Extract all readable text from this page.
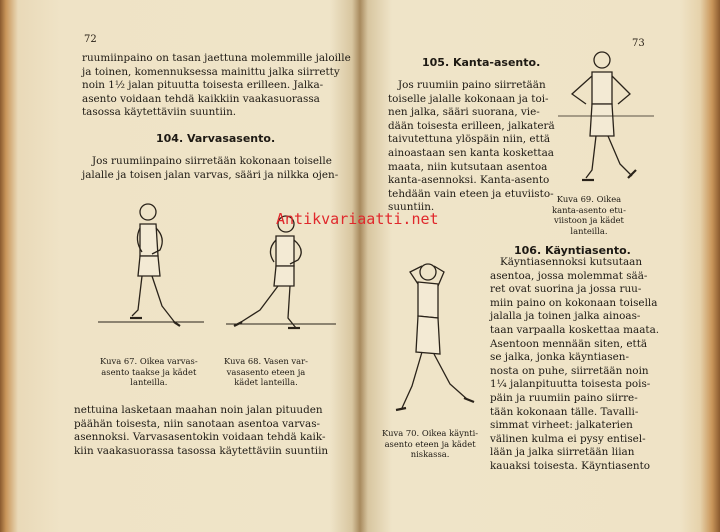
72

ruumiinpaino on tasan jaettuna molemmille jaloille

ja toinen, komennuksessa mainittu jalka siirretty

noin 1½ jalan pituutta toisesta erilleen. Jalka-

asento voidaan tehdä kaikkiin vaakasuorassa

tasossa käytettäviin suuntiin.

104. Varvasasento.

Jos ruumiinpaino siirretään kokonaan toiselle

jalalle ja toisen jalan varvas, sääri ja nilkka ojen-

Kuva 67. Oikea varvas-
asento taakse ja kädet
lanteilla.
Kuva 68. Vasen var-
vasasento eteen ja
kädet lanteilla.

nettuina lasketaan maahan noin jalan pituuden

päähän toisesta, niin sanotaan asentoa varvas-

asennoksi. Varvasasentokin voidaan tehdä kaik-

kiin vaakasuorassa tasossa käytettäviin suuntiin

73
105. Kanta-asento.

Jos ruumiin paino siirretään

toiselle jalalle kokonaan ja toi-

nen jalka, sääri suorana, vie-

dään toisesta erilleen, jalkaterä

taivutettuna ylöspäin niin, että

ainoastaan sen kanta koskettaa

maata, niin kutsutaan asentoa

kanta-asennoksi. Kanta-asento

tehdään vain eteen ja etuviisto-

suuntiin.

Kuva 69. Oikea
kanta-asento etu-
viistoon ja kädet
lanteilla.
106. Käyntiasento.

Käyntiasennoksi kutsutaan

asentoa, jossa molemmat sää-

ret ovat suorina ja jossa ruu-

miin paino on kokonaan toisella

jalalla ja toinen jalka ainoas-

taan varpaalla koskettaa maata.

Asentoon mennään siten, että

se jalka, jonka käyntiasen-

nosta on puhe, siirretään noin

1¼ jalanpituutta toisesta pois-

päin ja ruumiin paino siirre-

tään kokonaan tälle. Tavalli-

simmat virheet: jalkaterien

välinen kulma ei pysy entisel-

lään ja jalka siirretään liian

kauaksi toisesta. Käyntiasento

Kuva 70. Oikea käynti-
asento eteen ja kädet
niskassa.
Antikvariaatti.net
